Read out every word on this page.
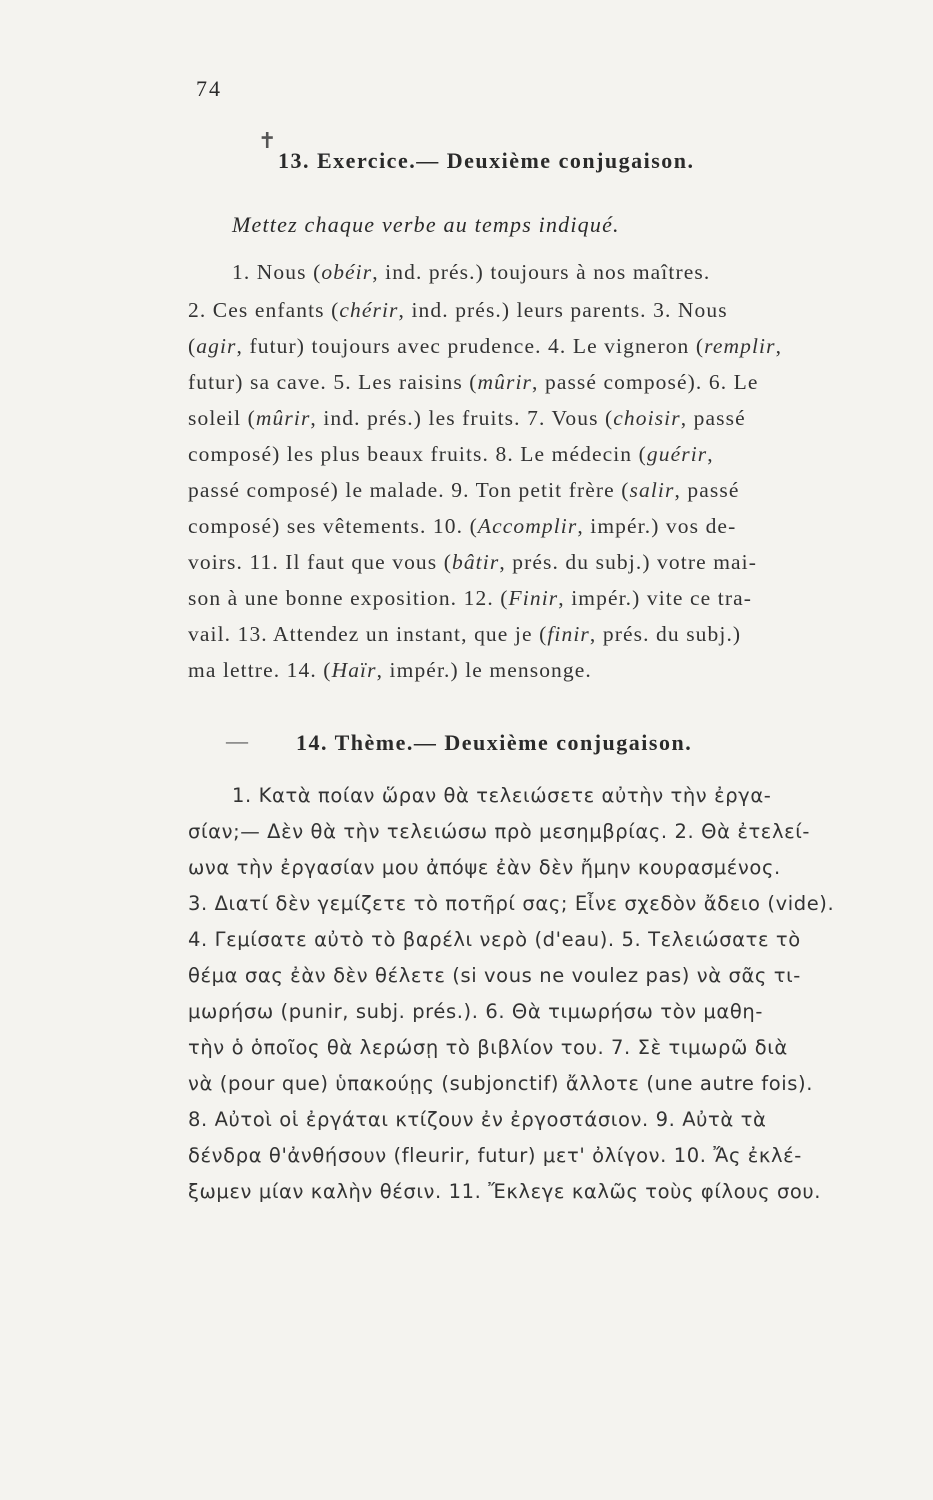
74
✝
13. Exercice.— Deuxième conjugaison.
Mettez chaque verbe au temps indiqué.
1. Nous (obéir, ind. prés.) toujours à nos maîtres.
2. Ces enfants (chérir, ind. prés.) leurs parents. 3. Nous
(agir, futur) toujours avec prudence. 4. Le vigneron (remplir,
futur) sa cave. 5. Les raisins (mûrir, passé composé). 6. Le
soleil (mûrir, ind. prés.) les fruits. 7. Vous (choisir, passé
composé) les plus beaux fruits. 8. Le médecin (guérir,
passé composé) le malade. 9. Ton petit frère (salir, passé
composé) ses vêtements. 10. (Accomplir, impér.) vos de-
voirs. 11. Il faut que vous (bâtir, prés. du subj.) votre mai-
son à une bonne exposition. 12. (Finir, impér.) vite ce tra-
vail. 13. Attendez un instant, que je (finir, prés. du subj.)
ma lettre. 14. (Haïr, impér.) le mensonge.
— 14. Thème.— Deuxième conjugaison.
1. Κατὰ ποίαν ὥραν θὰ τελειώσετε αὐτὴν τὴν ἐργα-
σίαν;— Δὲν θὰ τὴν τελειώσω πρὸ μεσημβρίας. 2. Θὰ ἐτελεί-
ωνα τὴν ἐργασίαν μου ἀπόψε ἐὰν δὲν ἤμην κουρασμένος.
3. Διατί δὲν γεμίζετε τὸ ποτῆρί σας; Εἶνε σχεδὸν ἄδειο (vide).
4. Γεμίσατε αὐτὸ τὸ βαρέλι νερὸ (d'eau). 5. Τελειώσατε τὸ
θέμα σας ἐὰν δὲν θέλετε (si vous ne voulez pas) νὰ σᾶς τι-
μωρήσω (punir, subj. prés.). 6. Θὰ τιμωρήσω τὸν μαθη-
τὴν ὁ ὁποῖος θὰ λερώσῃ τὸ βιβλίον του. 7. Σὲ τιμωρῶ διὰ
νὰ (pour que) ὑπακούῃς (subjonctif) ἄλλοτε (une autre fois).
8. Αὐτοὶ οἱ ἐργάται κτίζουν ἐν ἐργοστάσιον. 9. Αὐτὰ τὰ
δένδρα θ'ἀνθήσουν (fleurir, futur) μετ' ὀλίγον. 10. Ἄς ἐκλέ-
ξωμεν μίαν καλὴν θέσιν. 11. Ἔκλεγε καλῶς τοὺς φίλους σου.
